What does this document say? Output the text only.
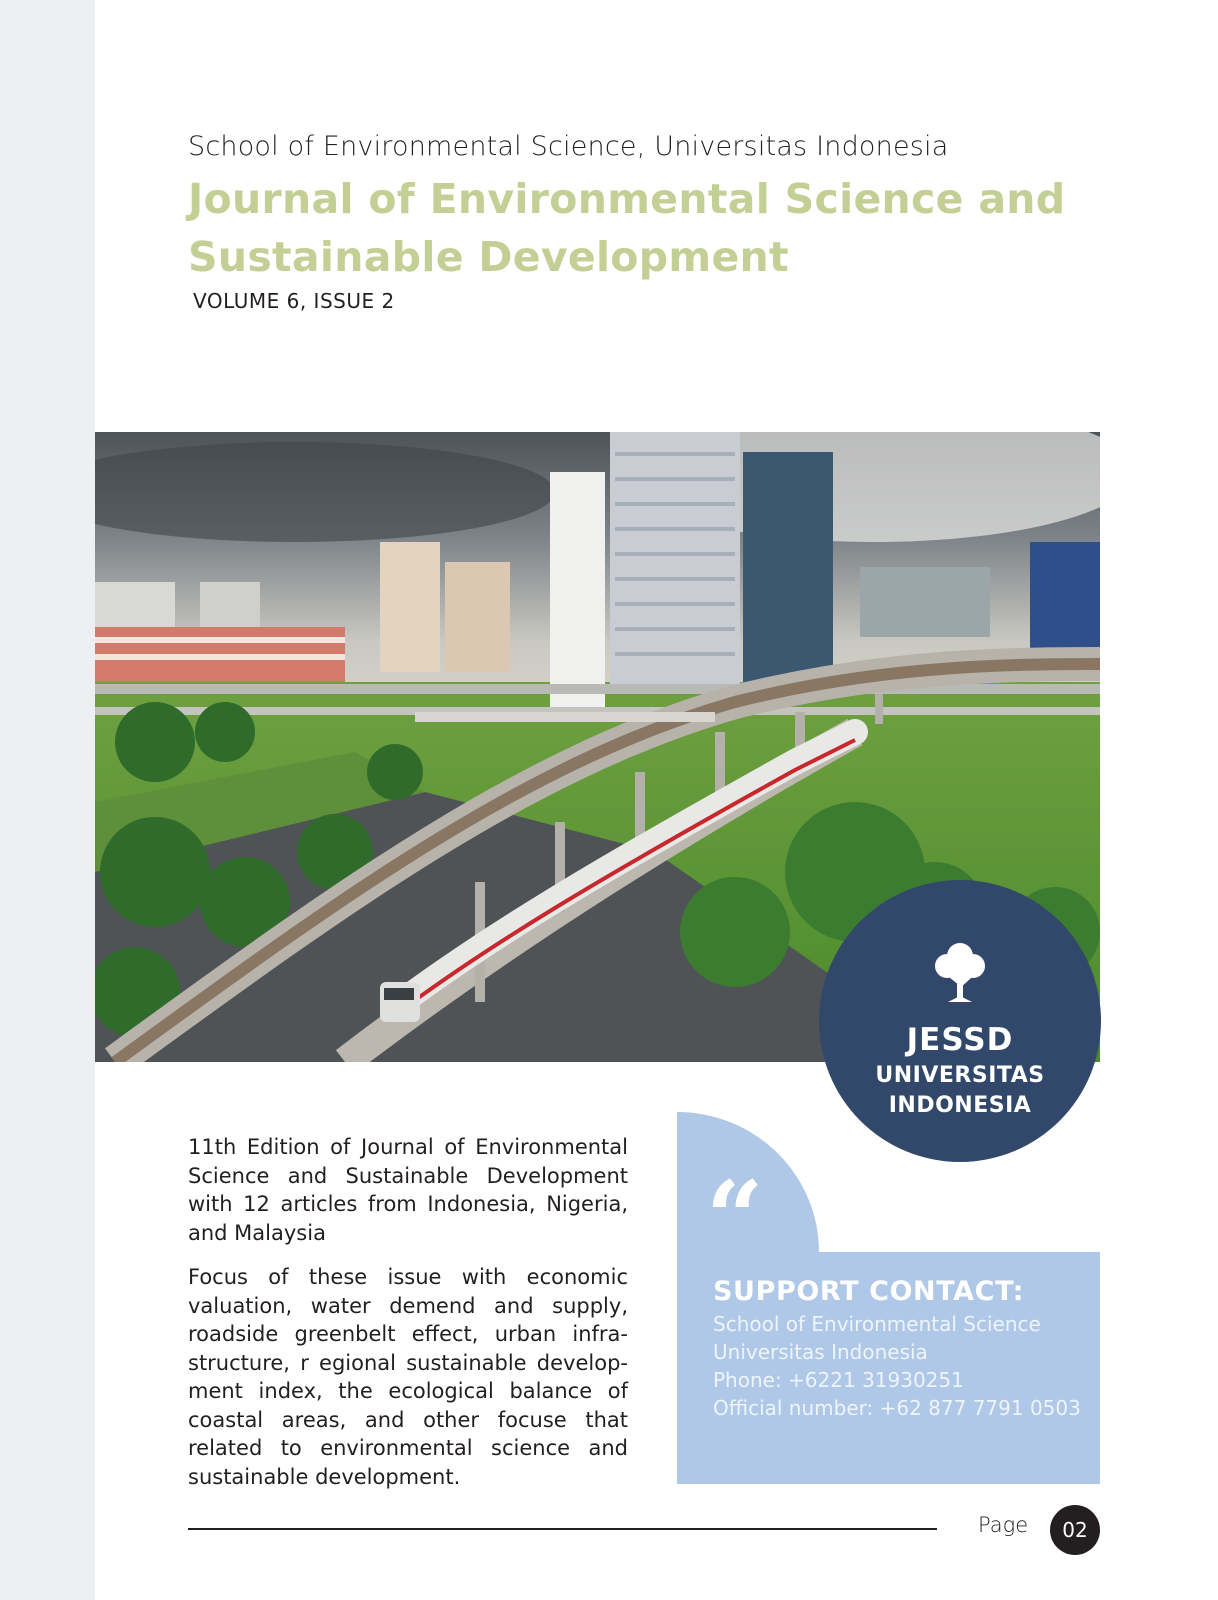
School of Environmental Science, Universitas Indonesia
Journal of Environmental Science and Sustainable Development
VOLUME 6, ISSUE 2
JESSD
UNIVERSITAS
INDONESIA

11th Edition of Journal of Environmental Science and Sustainable Development with 12 articles from Indonesia, Nigeria, and Malaysia

Focus of these issue with economic valuation, water demend and supply, roadside greenbelt effect, urban infra-structure, r egional sustainable develop-ment index, the ecological balance of coastal areas, and other focuse that related to environmental science and sustainable development.

“
SUPPORT CONTACT:
School of Environmental Science
Universitas Indonesia
Phone: +6221 31930251
Official number: +62 877 7791 0503
Page	02
